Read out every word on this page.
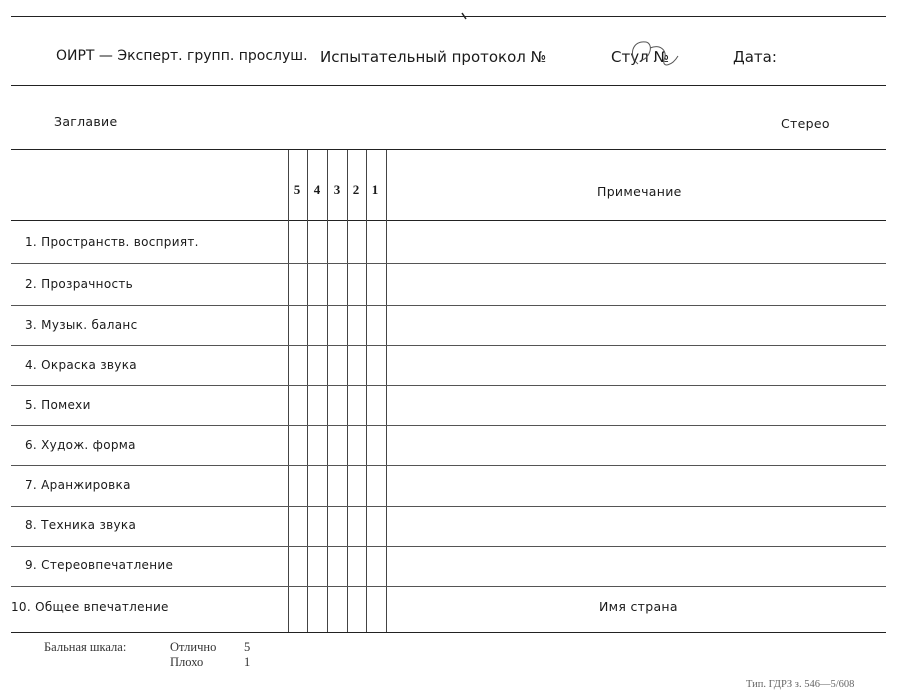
ОИРТ — Эксперт. групп. прослуш. Испытательный протокол №	Стул №	Дата:
Заглавие	Стерео
5	4	3 2 1	Примечание
1. Пространств. восприят.
2. Прозрачность
3. Музык. баланс
4. Окраска звука
5. Помехи
6. Худож. форма
7. Аранжировка
8. Техника звука
9. Стереовпечатление
10. Общее впечатление	Имя страна
Бальная шкала:	Отлично 5
Плохо	1
Тип. ГДРЗ з. 546—5/608
